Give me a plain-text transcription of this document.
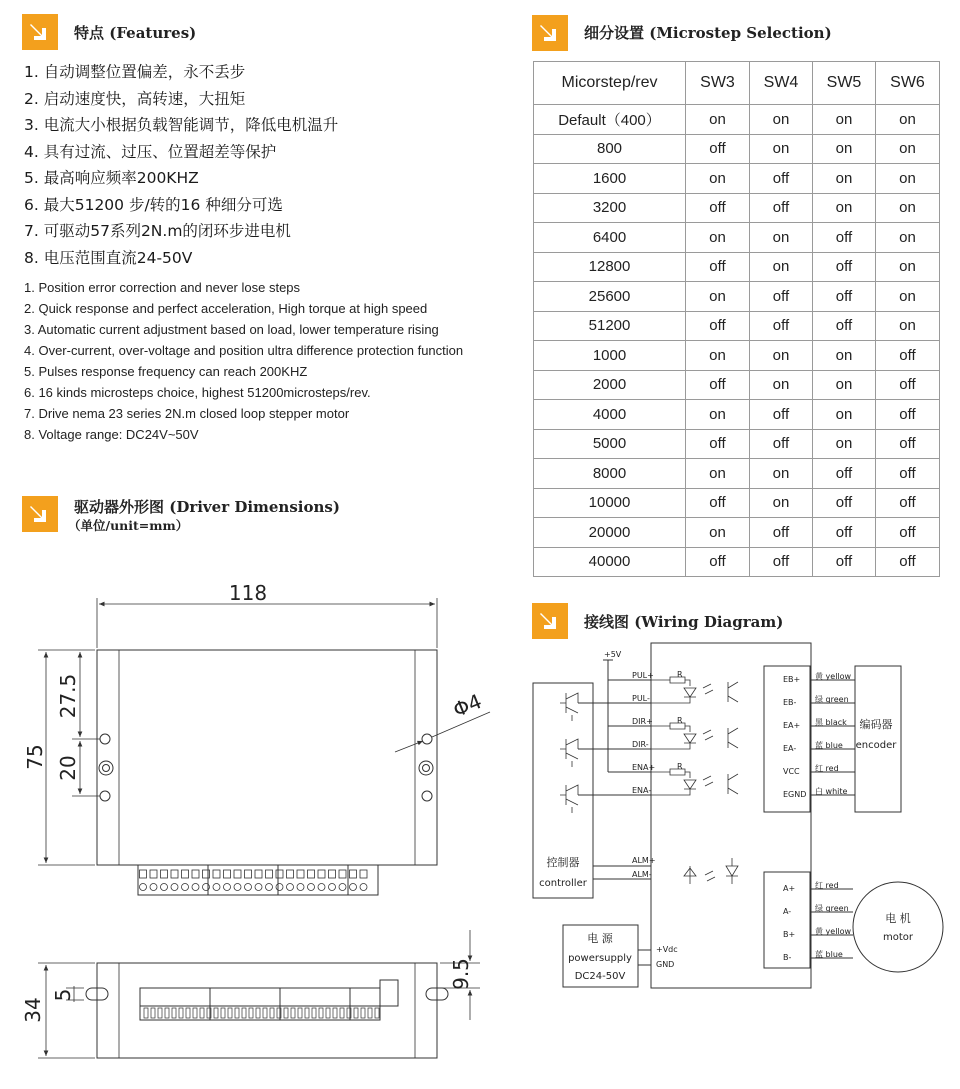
特点 (Features)
1. 自动调整位置偏差，永不丢步
2. 启动速度快，高转速，大扭矩
3. 电流大小根据负载智能调节，降低电机温升
4. 具有过流、过压、位置超差等保护
5. 最高响应频率200KHZ
6. 最大51200 步/转的16 种细分可选
7. 可驱动57系列2N.m的闭环步进电机
8. 电压范围直流24-50V
1. Position error correction and never lose steps
2. Quick response and perfect acceleration, High torque at high speed
3. Automatic current adjustment based on load, lower temperature rising
4. Over-current, over-voltage and position ultra difference protection function
5. Pulses response frequency can reach 200KHZ
6. 16 kinds microsteps choice, highest 51200microsteps/rev.
7. Drive nema 23 series 2N.m closed loop stepper motor
8. Voltage range: DC24V~50V
细分设置 (Microstep Selection)
Micorstep/rev	SW3	SW4	SW5	SW6
Default（400）	on	on	on	on
800	off	on	on	on
1600	on	off	on	on
3200	off	off	on	on
6400	on	on	off	on
12800	off	on	off	on
25600	on	off	off	on
51200	off	off	off	on
1000	on	on	on	off
2000	off	on	on	off
4000	on	off	on	off
5000	off	off	on	off
8000	on	on	off	off
10000	off	on	off	off
20000	on	off	off	off
40000	off	off	off	off
驱动器外形图 (Driver Dimensions)
（单位/unit=mm）
118
75
27.5
20
Φ4
34
5
9.5
接线图 (Wiring Diagram)
+5V
PUL+
PUL-
DIR+
DIR-
ENA+
ENA-
R
R
R
ALM+
ALM-
+Vdc
GND
控制器
controller
电 源
powersupply
DC24-50V
编码器
encoder
电 机
motor
EB+ 黄 yellow
EB- 绿 green
EA+ 黑 black
EA- 蓝 blue
VCC 红 red
EGND 白 white
A+ 红 red
A-	绿 green
B+ 黄 yellow
B-	蓝 blue
